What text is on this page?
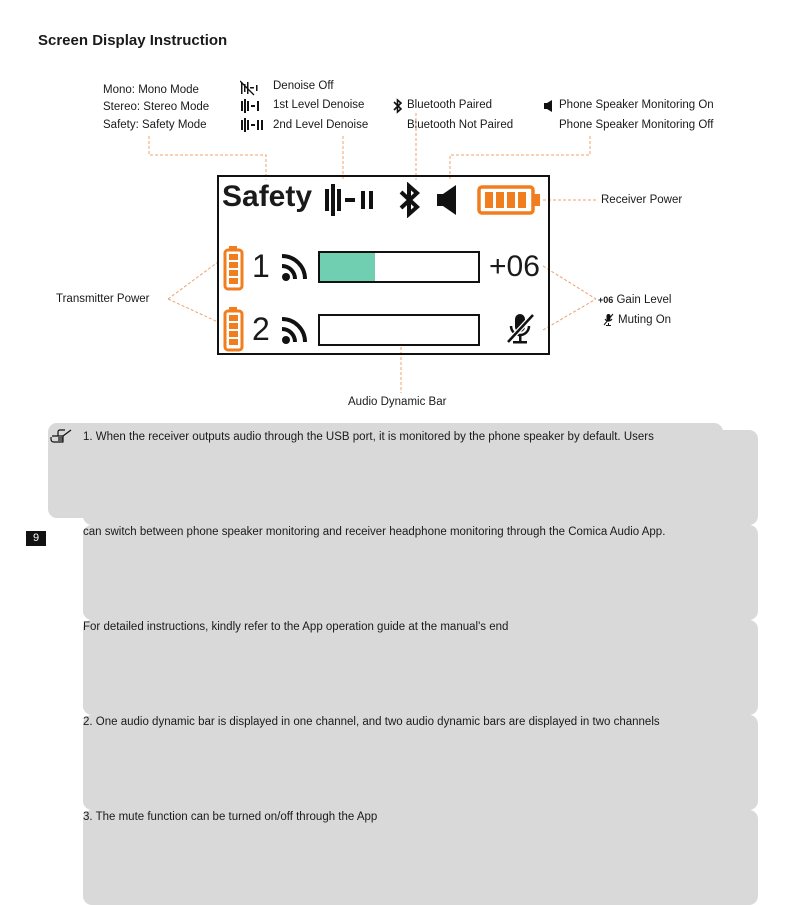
Screen Display Instruction
Mono: Mono Mode
Stereo: Stereo Mode
Safety: Safety Mode
Denoise Off
1st Level Denoise
2nd Level Denoise
Bluetooth Paired
Bluetooth Not Paired
Phone Speaker Monitoring On
Phone Speaker Monitoring Off
Safety
1	+06
2
Receiver Power
Transmitter Power	+06 Gain Level
Muting On
Audio Dynamic Bar

1. When the receiver outputs audio through the USB port, it is monitored by the phone speaker by default. Users

can switch between phone speaker monitoring and receiver headphone monitoring through the Comica Audio App.

For detailed instructions, kindly refer to the App operation guide at the manual's end

2. One audio dynamic bar is displayed in one channel, and two audio dynamic bars are displayed in two channels

3. The mute function can be turned on/off through the App

9
